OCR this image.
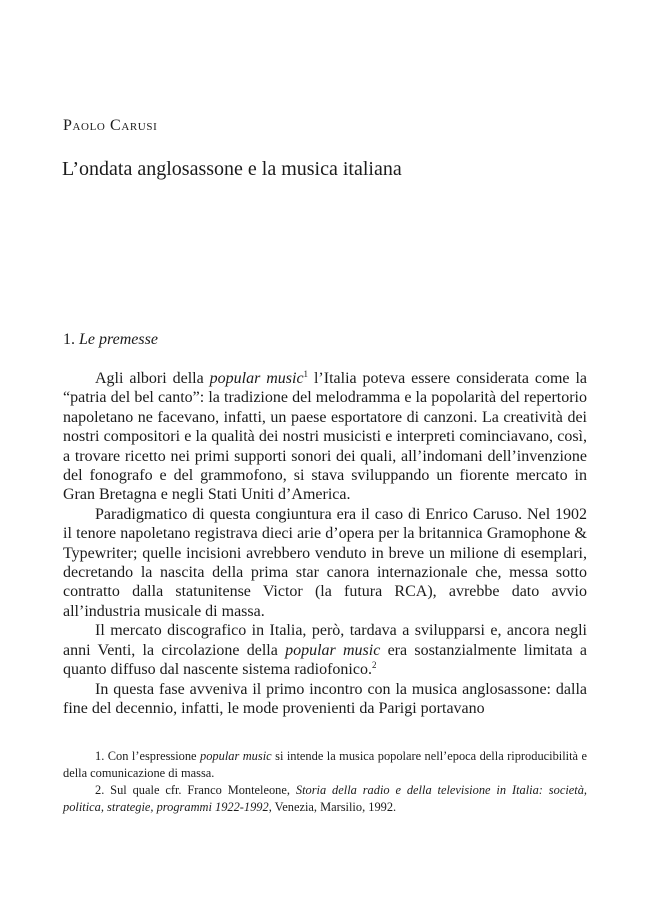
Paolo Carusi
L’ondata anglosassone e la musica italiana
1. Le premesse

Agli albori della popular music$^1$ l’Italia poteva essere considerata come la “patria del bel canto”: la tradizione del melodramma e la popolarità del repertorio napoletano ne facevano, infatti, un paese esportatore di canzoni. La creatività dei nostri compositori e la qualità dei nostri musicisti e interpreti cominciavano, così, a trovare ricetto nei primi supporti sonori dei quali, all’indomani dell’invenzione del fonografo e del grammofono, si stava sviluppando un fiorente mercato in Gran Bretagna e negli Stati Uniti d’America.

Paradigmatico di questa congiuntura era il caso di Enrico Caruso. Nel 1902 il tenore napoletano registrava dieci arie d’opera per la britannica Gramophone & Typewriter; quelle incisioni avrebbero venduto in breve un milione di esemplari, decretando la nascita della prima star canora internazionale che, messa sotto contratto dalla statunitense Victor (la futura RCA), avrebbe dato avvio all’industria musicale di massa.

Il mercato discografico in Italia, però, tardava a svilupparsi e, ancora negli anni Venti, la circolazione della popular music era sostanzialmente limitata a quanto diffuso dal nascente sistema radiofonico.$^2$

In questa fase avveniva il primo incontro con la musica anglosassone: dalla fine del decennio, infatti, le mode provenienti da Parigi portavano

1. Con l’espressione popular music si intende la musica popolare nell’epoca della riproducibilità e della comunicazione di massa.

2. Sul quale cfr. Franco Monteleone, Storia della radio e della televisione in Italia: società, politica, strategie, programmi 1922-1992, Venezia, Marsilio, 1992.
